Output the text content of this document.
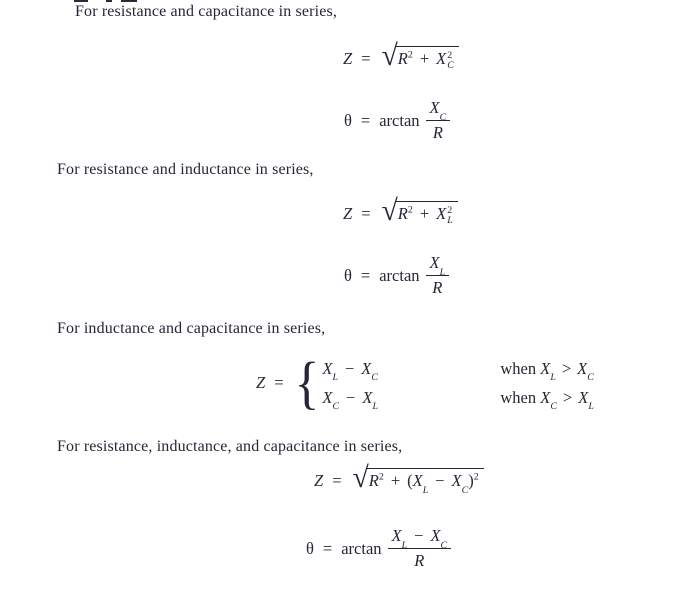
For resistance and capacitance in series,
Z = √ $R^2 + X$ 2
C
$\theta = \arctan \frac{X_C}{R}$
For resistance and inductance in series,
Z = √ $R^2 + X$ 2
L
$\theta = \arctan \frac{X_L}{R}$
For inductance and capacitance in series,
Z = { $X_L- X_C$
when $X_L> X_C$
$X_C- X_L$
when $X_C> X_L$
For resistance, inductance, and capacitance in series,
Z = √ $R^2 + (X_L- X_C)^2$
$\theta = \arctan \frac{X_L- X_C}{R}$
